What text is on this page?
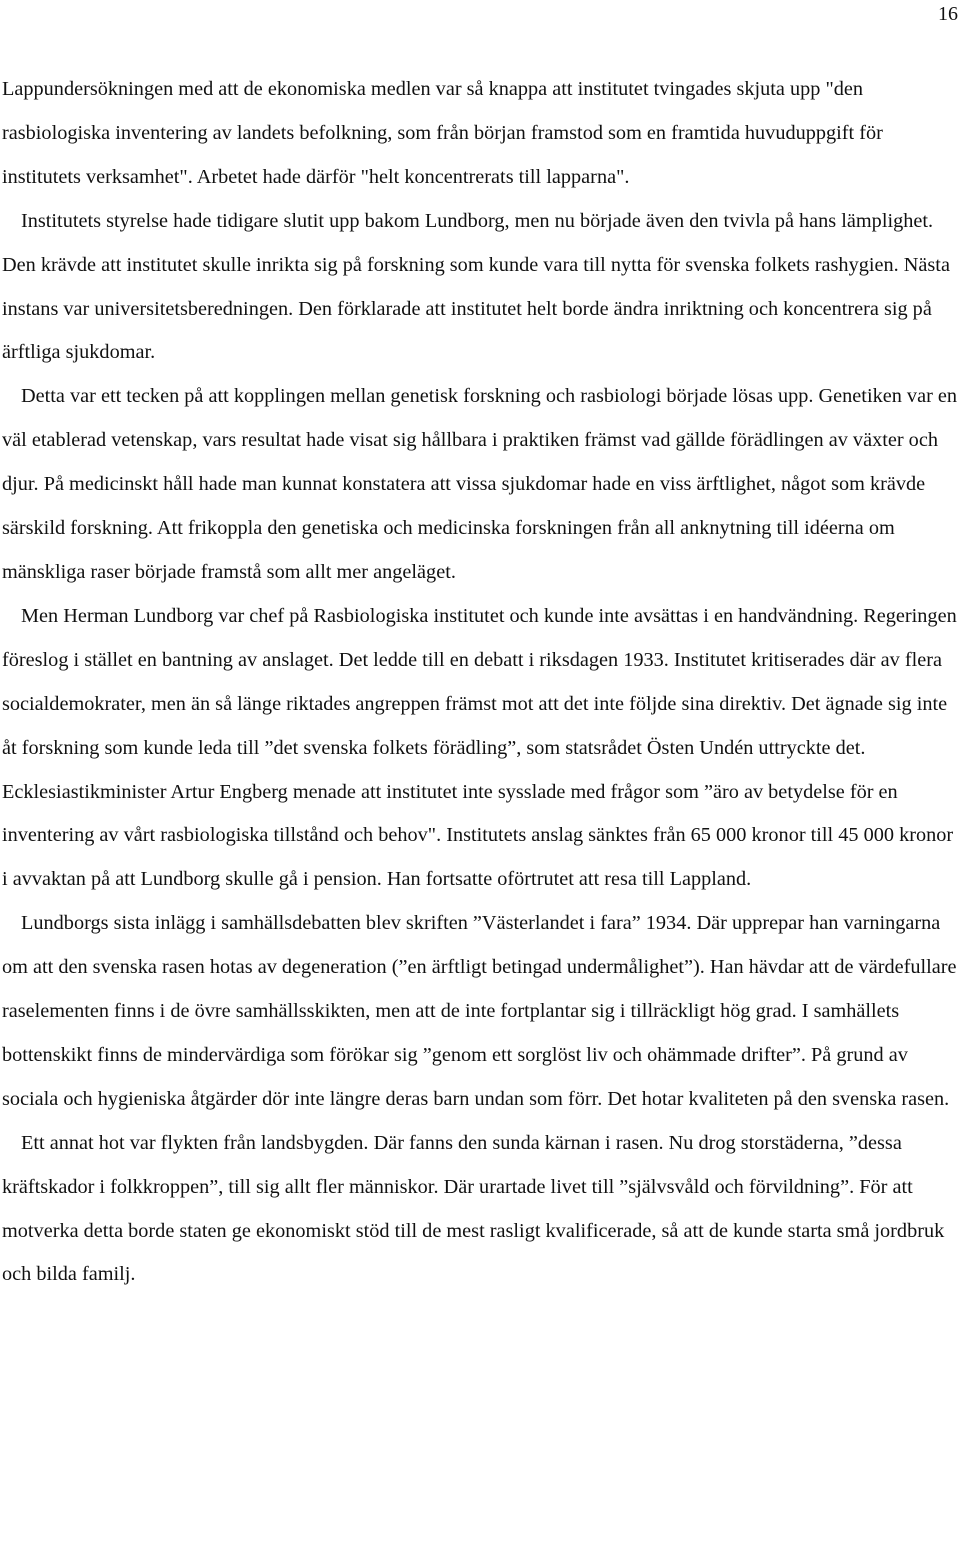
16

Lappundersökningen med att de ekonomiska medlen var så knappa att institutet tvingades skjuta upp "den rasbiologiska inventering av landets befolkning, som från början framstod som en framtida huvuduppgift för institutets verksamhet". Arbetet hade därför "helt koncentrerats till lapparna".

Institutets styrelse hade tidigare slutit upp bakom Lundborg, men nu började även den tvivla på hans lämplighet. Den krävde att institutet skulle inrikta sig på forskning som kunde vara till nytta för svenska folkets rashygien. Nästa instans var universitetsberedningen. Den förklarade att institutet helt borde ändra inriktning och koncentrera sig på ärftliga sjukdomar.

Detta var ett tecken på att kopplingen mellan genetisk forskning och rasbiologi började lösas upp. Genetiken var en väl etablerad vetenskap, vars resultat hade visat sig hållbara i praktiken främst vad gällde förädlingen av växter och djur. På medicinskt håll hade man kunnat konstatera att vissa sjukdomar hade en viss ärftlighet, något som krävde särskild forskning. Att frikoppla den genetiska och medicinska forskningen från all anknytning till idéerna om mänskliga raser började framstå som allt mer angeläget.

Men Herman Lundborg var chef på Rasbiologiska institutet och kunde inte avsättas i en handvändning. Regeringen föreslog i stället en bantning av anslaget. Det ledde till en debatt i riksdagen 1933. Institutet kritiserades där av flera socialdemokrater, men än så länge riktades angreppen främst mot att det inte följde sina direktiv. Det ägnade sig inte åt forskning som kunde leda till ”det svenska folkets förädling”, som statsrådet Östen Undén uttryckte det. Ecklesiastikminister Artur Engberg menade att institutet inte sysslade med frågor som ”äro av betydelse för en inventering av vårt rasbiologiska tillstånd och behov". Institutets anslag sänktes från 65 000 kronor till 45 000 kronor i avvaktan på att Lundborg skulle gå i pension. Han fortsatte oförtrutet att resa till Lappland.

Lundborgs sista inlägg i samhällsdebatten blev skriften ”Västerlandet i fara” 1934. Där upprepar han varningarna om att den svenska rasen hotas av degeneration (”en ärftligt betingad undermålighet”). Han hävdar att de värdefullare raselementen finns i de övre samhällsskikten, men att de inte fortplantar sig i tillräckligt hög grad. I samhällets bottenskikt finns de mindervärdiga som förökar sig ”genom ett sorglöst liv och ohämmade drifter”. På grund av sociala och hygieniska åtgärder dör inte längre deras barn undan som förr. Det hotar kvaliteten på den svenska rasen.

Ett annat hot var flykten från landsbygden. Där fanns den sunda kärnan i rasen. Nu drog storstäderna, ”dessa kräftskador i folkkroppen”, till sig allt fler människor. Där urartade livet till ”självsvåld och förvildning”. För att motverka detta borde staten ge ekonomiskt stöd till de mest rasligt kvalificerade, så att de kunde starta små jordbruk och bilda familj.
